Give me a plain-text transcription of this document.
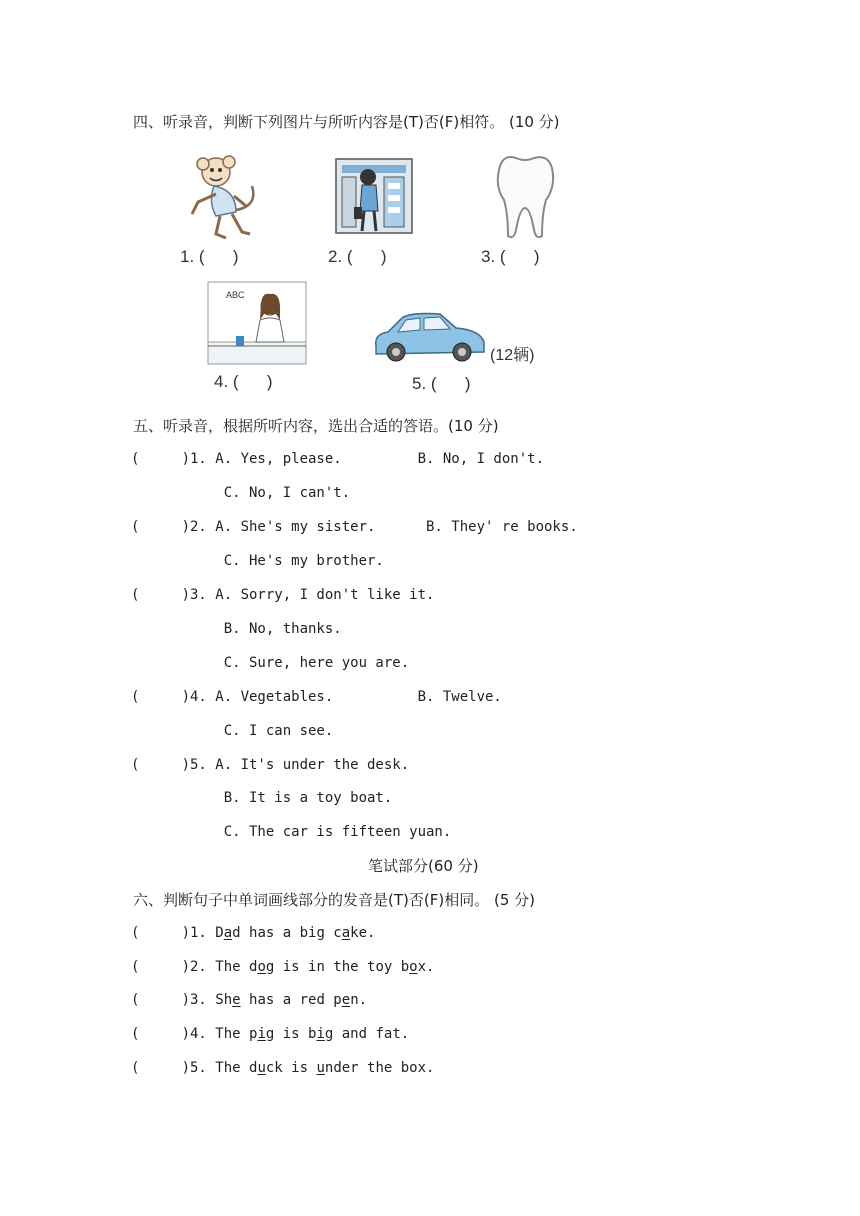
四、听录音，判断下列图片与所听内容是(T)否(F)相符。 (10 分)
1. (      )	2. (      )	3. (      )
ABC
4. (      )
(12辆)
5. (      )
五、听录音，根据所听内容，选出合适的答语。(10 分)
(     )1. A. Yes, please.         B. No, I don't.
C. No, I can't.
(     )2. A. She's my sister.      B. They' re books.
C. He's my brother.
(     )3. A. Sorry, I don't like it.
B. No, thanks.
C. Sure, here you are.
(     )4. A. Vegetables.          B. Twelve.
C. I can see.
(     )5. A. It's under the desk.
B. It is a toy boat.
C. The car is fifteen yuan.
笔试部分(60 分)
六、判断句子中单词画线部分的发音是(T)否(F)相同。 (5 分)
(     )1. Dad has a big cake.
(     )2. The dog is in the toy box.
(     )3. She has a red pen.
(     )4. The pig is big and fat.
(     )5. The duck is under the box.
